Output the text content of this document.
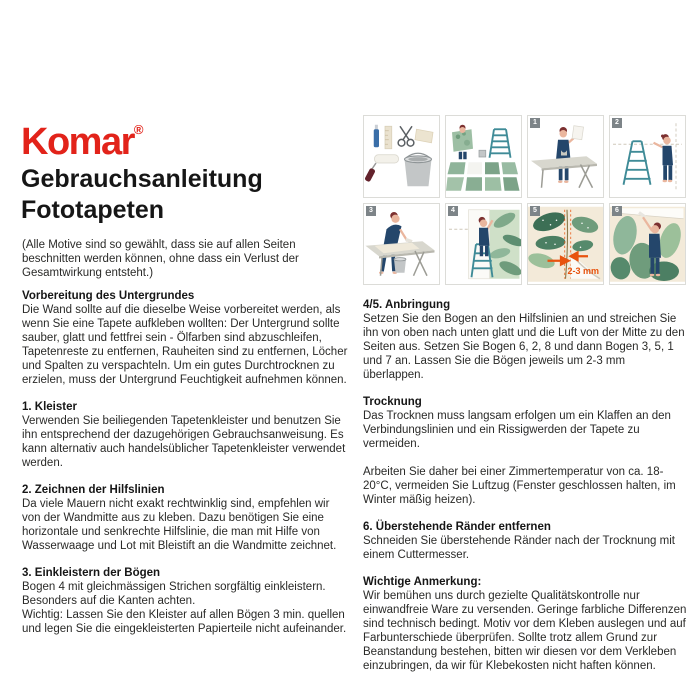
Komar®
Gebrauchsanleitung
Fototapeten
(Alle Motive sind so gewählt, dass sie auf allen Seiten beschnitten werden können, ohne dass ein Verlust der Gesamtwirkung entsteht.)
1	2
3	4	5
2-3 mm
6
Vorbereitung des Untergrundes

Die Wand sollte auf die dieselbe Weise vorbereitet werden, als wenn Sie eine Tapete aufkleben wollten: Der Untergrund sollte sauber, glatt und fettfrei sein - Ölfarben sind abzuschleifen, Tapetenreste zu entfernen, Rauheiten sind zu entfernen, Löcher und Spalten zu verspachteln. Um ein gutes Durchtrocknen zu erzielen, muss der Untergrund Feuchtigkeit aufnehmen können.

1. Kleister

Verwenden Sie beiliegenden Tapetenkleister und benutzen Sie ihn entsprechend der dazugehörigen Gebrauchsanweisung. Es kann alternativ auch handelsüblicher Tapetenkleister verwendet werden.

2. Zeichnen der Hilfslinien

Da viele Mauern nicht exakt rechtwinklig sind, empfehlen wir von der Wandmitte aus zu kleben. Dazu benötigen Sie eine horizontale und senkrechte Hilfslinie, die man mit Hilfe von Wasserwaage und Lot mit Bleistift an die Wandmitte zeichnet.

3. Einkleistern der Bögen

Bogen 4 mit gleichmässigen Strichen sorgfältig einkleistern. Besonders auf die Kanten achten.

Wichtig: Lassen Sie den Kleister auf allen Bögen 3 min. quellen und legen Sie die eingekleisterten Papierteile nicht aufeinander.

4/5. Anbringung

Setzen Sie den Bogen an den Hilfslinien an und streichen Sie ihn von oben nach unten glatt und die Luft von der Mitte zu den Seiten aus. Setzen Sie Bogen 6, 2, 8 und dann Bogen 3, 5, 1 und 7 an. Lassen Sie die Bögen jeweils um 2-3 mm überlappen.

Trocknung

Das Trocknen muss langsam erfolgen um ein Klaffen an den Verbindungslinien und ein Rissigwerden der Tapete zu vermeiden.

Arbeiten Sie daher bei einer Zimmertemperatur von ca. 18-20°C, vermeiden Sie Luftzug (Fenster geschlossen halten, im Winter mäßig heizen).

6. Überstehende Ränder entfernen

Schneiden Sie überstehende Ränder nach der Trocknung mit einem Cuttermesser.

Wichtige Anmerkung:

Wir bemühen uns durch gezielte Qualitätskontrolle nur einwandfreie Ware zu versenden. Geringe farbliche Differenzen sind technisch bedingt. Motiv vor dem Kleben auslegen und auf Farbunterschiede überprüfen. Sollte trotz allem Grund zur Beanstandung bestehen, bitten wir diesen vor dem Verkleben einzubringen, da wir für Klebekosten nicht haften können.
